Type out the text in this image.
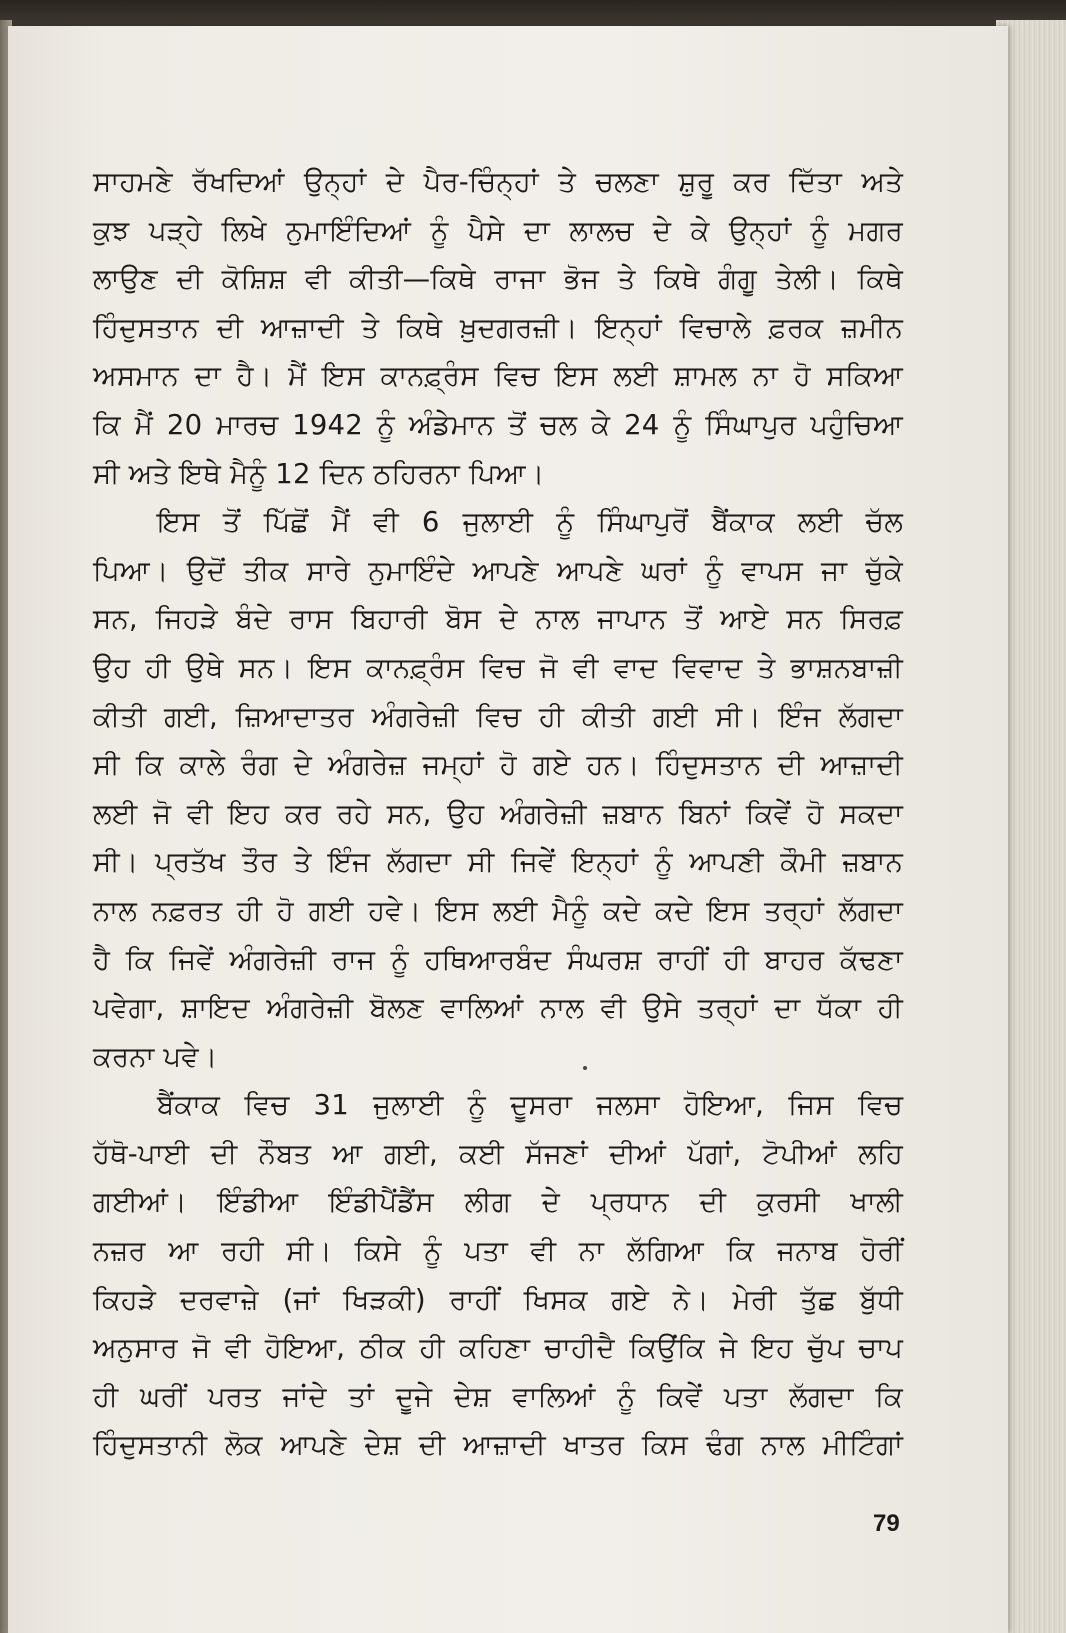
ਸਾਹਮਣੇ ਰੱਖਦਿਆਂ ਉਨ੍ਹਾਂ ਦੇ ਪੈਰ-ਚਿੰਨ੍ਹਾਂ ਤੇ ਚਲਣਾ ਸ਼ੁਰੂ ਕਰ ਦਿੱਤਾ ਅਤੇ
ਕੁਝ ਪੜ੍ਹੇ ਲਿਖੇ ਨੁਮਾਇੰਦਿਆਂ ਨੂੰ ਪੈਸੇ ਦਾ ਲਾਲਚ ਦੇ ਕੇ ਉਨ੍ਹਾਂ ਨੂੰ ਮਗਰ
ਲਾਉਣ ਦੀ ਕੋਸ਼ਿਸ਼ ਵੀ ਕੀਤੀ—ਕਿਥੇ ਰਾਜਾ ਭੋਜ ਤੇ ਕਿਥੇ ਗੰਗੂ ਤੇਲੀ। ਕਿਥੇ
ਹਿੰਦੁਸਤਾਨ ਦੀ ਆਜ਼ਾਦੀ ਤੇ ਕਿਥੇ ਖ਼ੁਦਗਰਜ਼ੀ। ਇਨ੍ਹਾਂ ਵਿਚਾਲੇ ਫ਼ਰਕ ਜ਼ਮੀਨ
ਅਸਮਾਨ ਦਾ ਹੈ। ਮੈਂ ਇਸ ਕਾਨਫ਼੍ਰੰਸ ਵਿਚ ਇਸ ਲਈ ਸ਼ਾਮਲ ਨਾ ਹੋ ਸਕਿਆ
ਕਿ ਮੈਂ 20 ਮਾਰਚ 1942 ਨੂੰ ਅੰਡੇਮਾਨ ਤੋਂ ਚਲ ਕੇ 24 ਨੂੰ ਸਿੰਘਾਪੁਰ ਪਹੁੰਚਿਆ
ਸੀ ਅਤੇ ਇਥੇ ਮੈਨੂੰ 12 ਦਿਨ ਠਹਿਰਨਾ ਪਿਆ।
ਇਸ ਤੋਂ ਪਿੱਛੋਂ ਮੈਂ ਵੀ 6 ਜੁਲਾਈ ਨੂੰ ਸਿੰਘਾਪੁਰੋਂ ਬੈਂਕਾਕ ਲਈ ਚੱਲ
ਪਿਆ। ਉਦੋਂ ਤੀਕ ਸਾਰੇ ਨੁਮਾਇੰਦੇ ਆਪਣੇ ਆਪਣੇ ਘਰਾਂ ਨੂੰ ਵਾਪਸ ਜਾ ਚੁੱਕੇ
ਸਨ, ਜਿਹੜੇ ਬੰਦੇ ਰਾਸ ਬਿਹਾਰੀ ਬੋਸ ਦੇ ਨਾਲ ਜਾਪਾਨ ਤੋਂ ਆਏ ਸਨ ਸਿਰਫ਼
ਉਹ ਹੀ ਉਥੇ ਸਨ। ਇਸ ਕਾਨਫ਼੍ਰੰਸ ਵਿਚ ਜੋ ਵੀ ਵਾਦ ਵਿਵਾਦ ਤੇ ਭਾਸ਼ਨਬਾਜ਼ੀ
ਕੀਤੀ ਗਈ, ਜ਼ਿਆਦਾਤਰ ਅੰਗਰੇਜ਼ੀ ਵਿਚ ਹੀ ਕੀਤੀ ਗਈ ਸੀ। ਇੰਜ ਲੱਗਦਾ
ਸੀ ਕਿ ਕਾਲੇ ਰੰਗ ਦੇ ਅੰਗਰੇਜ਼ ਜਮ੍ਹਾਂ ਹੋ ਗਏ ਹਨ। ਹਿੰਦੁਸਤਾਨ ਦੀ ਆਜ਼ਾਦੀ
ਲਈ ਜੋ ਵੀ ਇਹ ਕਰ ਰਹੇ ਸਨ, ਉਹ ਅੰਗਰੇਜ਼ੀ ਜ਼ਬਾਨ ਬਿਨਾਂ ਕਿਵੇਂ ਹੋ ਸਕਦਾ
ਸੀ। ਪ੍ਰਤੱਖ ਤੌਰ ਤੇ ਇੰਜ ਲੱਗਦਾ ਸੀ ਜਿਵੇਂ ਇਨ੍ਹਾਂ ਨੂੰ ਆਪਣੀ ਕੌਮੀ ਜ਼ਬਾਨ
ਨਾਲ ਨਫ਼ਰਤ ਹੀ ਹੋ ਗਈ ਹਵੇ। ਇਸ ਲਈ ਮੈਨੂੰ ਕਦੇ ਕਦੇ ਇਸ ਤਰ੍ਹਾਂ ਲੱਗਦਾ
ਹੈ ਕਿ ਜਿਵੇਂ ਅੰਗਰੇਜ਼ੀ ਰਾਜ ਨੂੰ ਹਥਿਆਰਬੰਦ ਸੰਘਰਸ਼ ਰਾਹੀਂ ਹੀ ਬਾਹਰ ਕੱਢਣਾ
ਪਵੇਗਾ, ਸ਼ਾਇਦ ਅੰਗਰੇਜ਼ੀ ਬੋਲਣ ਵਾਲਿਆਂ ਨਾਲ ਵੀ ਉਸੇ ਤਰ੍ਹਾਂ ਦਾ ਧੱਕਾ ਹੀ
ਕਰਨਾ ਪਵੇ।
ਬੈਂਕਾਕ ਵਿਚ 31 ਜੁਲਾਈ ਨੂੰ ਦੂਸਰਾ ਜਲਸਾ ਹੋਇਆ, ਜਿਸ ਵਿਚ
ਹੱਥੋ-ਪਾਈ ਦੀ ਨੌਬਤ ਆ ਗਈ, ਕਈ ਸੱਜਣਾਂ ਦੀਆਂ ਪੱਗਾਂ, ਟੋਪੀਆਂ ਲਹਿ
ਗਈਆਂ। ਇੰਡੀਆ ਇੰਡੀਪੈਂਡੈਂਸ ਲੀਗ ਦੇ ਪ੍ਰਧਾਨ ਦੀ ਕੁਰਸੀ ਖਾਲੀ
ਨਜ਼ਰ ਆ ਰਹੀ ਸੀ। ਕਿਸੇ ਨੂੰ ਪਤਾ ਵੀ ਨਾ ਲੱਗਿਆ ਕਿ ਜਨਾਬ ਹੋਰੀਂ
ਕਿਹੜੇ ਦਰਵਾਜ਼ੇ (ਜਾਂ ਖਿੜਕੀ) ਰਾਹੀਂ ਖਿਸਕ ਗਏ ਨੇ। ਮੇਰੀ ਤੁੱਛ ਬੁੱਧੀ
ਅਨੁਸਾਰ ਜੋ ਵੀ ਹੋਇਆ, ਠੀਕ ਹੀ ਕਹਿਣਾ ਚਾਹੀਦੈ ਕਿਉਂਕਿ ਜੇ ਇਹ ਚੁੱਪ ਚਾਪ
ਹੀ ਘਰੀਂ ਪਰਤ ਜਾਂਦੇ ਤਾਂ ਦੂਜੇ ਦੇਸ਼ ਵਾਲਿਆਂ ਨੂੰ ਕਿਵੇਂ ਪਤਾ ਲੱਗਦਾ ਕਿ
ਹਿੰਦੁਸਤਾਨੀ ਲੋਕ ਆਪਣੇ ਦੇਸ਼ ਦੀ ਆਜ਼ਾਦੀ ਖਾਤਰ ਕਿਸ ਢੰਗ ਨਾਲ ਮੀਟਿੰਗਾਂ
79
